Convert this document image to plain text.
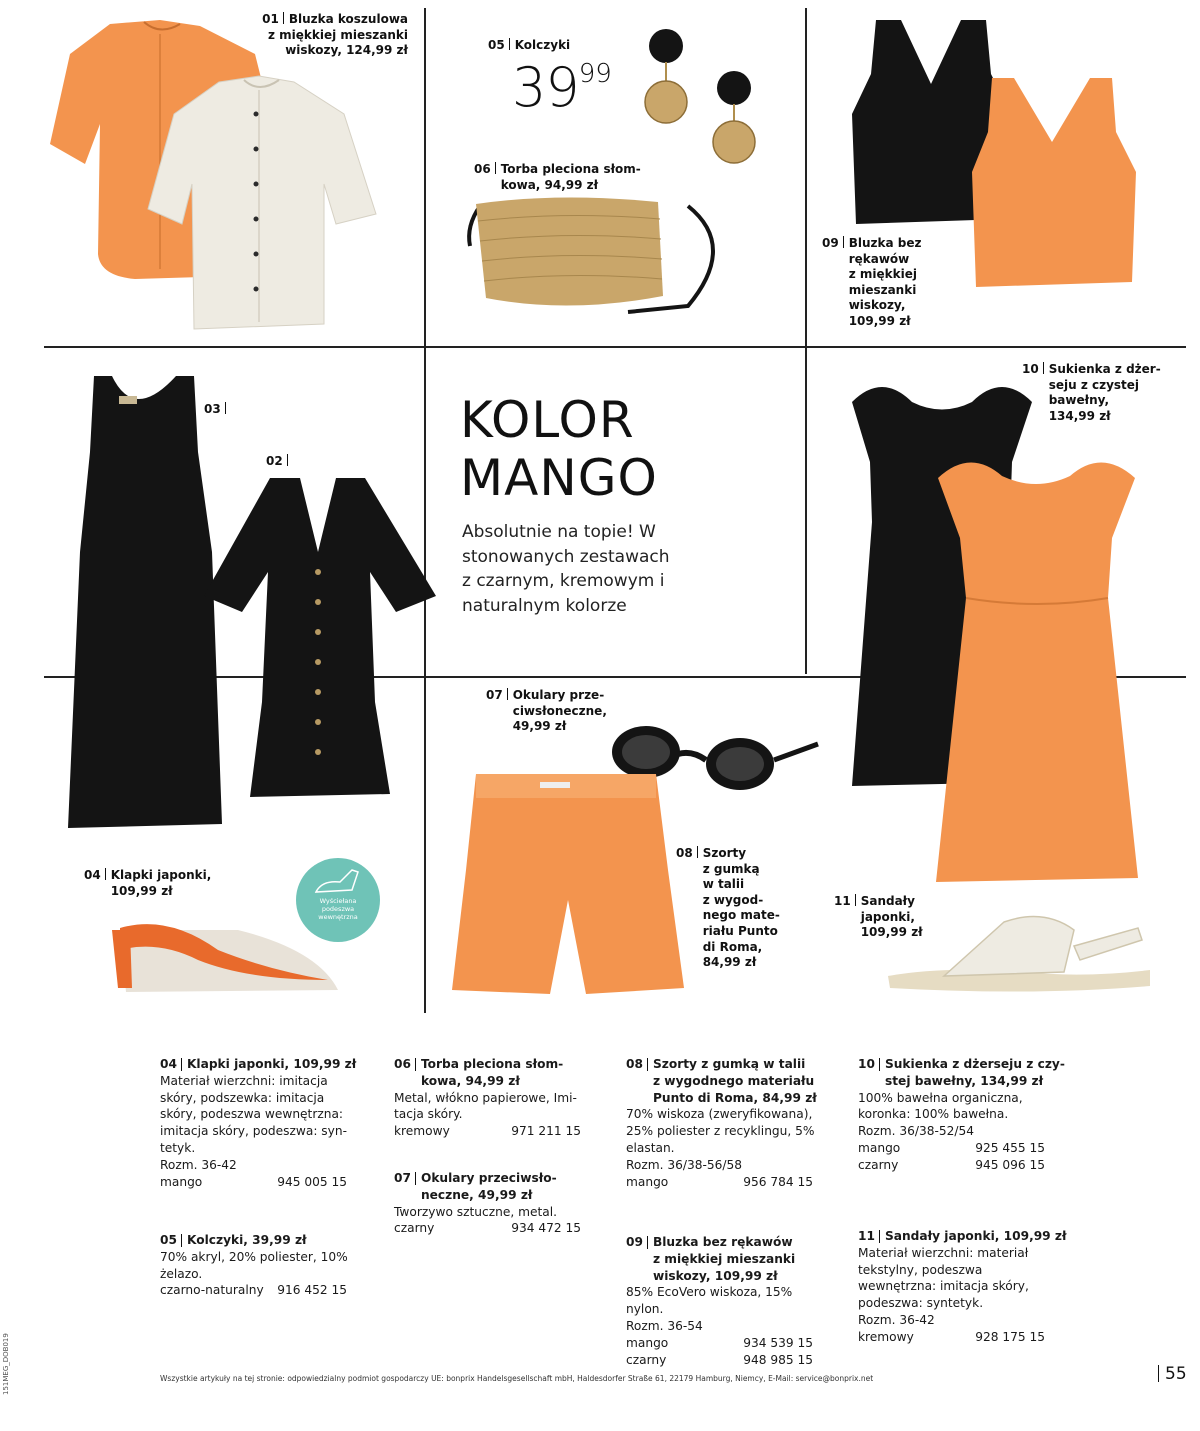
Wyściełana
podeszwa
wewnętrzna
01 Bluzka koszulowa
z miękkiej mieszanki
wiskozy, 124,99 zł	05 Kolczyki
3999
06 Torba pleciona słom-
kowa, 94,99 zł
09 Bluzka bez
rękawów
z miękkiej
mieszanki
wiskozy,
109,99 zł
03
02
10 Sukienka z dżer-
seju z czystej
bawełny,
134,99 zł
07 Okulary prze-
ciwsłoneczne,
49,99 zł
08 Szorty
z gumką
w talii
z wygod-
nego mate-
riału Punto
di Roma,
84,99 zł
04 Klapki japonki,
109,99 zł
11 Sandały
japonki,
109,99 zł
KOLOR
MANGO
Absolutnie na topie! W
stonowanych zestawach
z czarnym, kremowym i
naturalnym kolorze
04 Klapki japonki, 109,99 zł
Materiał wierzchni: imitacja
skóry, podszewka: imitacja
skóry, podeszwa wewnętrzna:
imitacja skóry, podeszwa: syn-
tetyk.
Rozm. 36-42
mango	945 005 15
05 Kolczyki, 39,99 zł
70% akryl, 20% poliester, 10%
żelazo.
czarno-naturalny 916 452 15
06 Torba pleciona słom-
kowa, 94,99 zł
Metal, włókno papierowe, Imi-
tacja skóry.
kremowy	971 211 15
07 Okulary przeciwsło-
neczne, 49,99 zł
Tworzywo sztuczne, metal.
czarny	934 472 15
08 Szorty z gumką w talii
z wygodnego materiału
Punto di Roma, 84,99 zł
70% wiskoza (zweryfikowana),
25% poliester z recyklingu, 5%
elastan.
Rozm. 36/38-56/58
mango	956 784 15
09 Bluzka bez rękawów
z miękkiej mieszanki
wiskozy, 109,99 zł
85% EcoVero wiskoza, 15%
nylon.
Rozm. 36-54
mango	934 539 15
czarny	948 985 15
10 Sukienka z dżerseju z czy-
stej bawełny, 134,99 zł
100% bawełna organiczna,
koronka: 100% bawełna.
Rozm. 36/38-52/54
mango	925 455 15
czarny	945 096 15
11 Sandały japonki, 109,99 zł
Materiał wierzchni: materiał
tekstylny, podeszwa
wewnętrzna: imitacja skóry,
podeszwa: syntetyk.
Rozm. 36-42
kremowy	928 175 15
Wszystkie artykuły na tej stronie: odpowiedzialny podmiot gospodarczy UE: bonprix Handelsgesellschaft mbH, Haldesdorfer Straße 61, 22179 Hamburg, Niemcy, E-Mail: service@bonprix.net	55
151MEG_DOB019
